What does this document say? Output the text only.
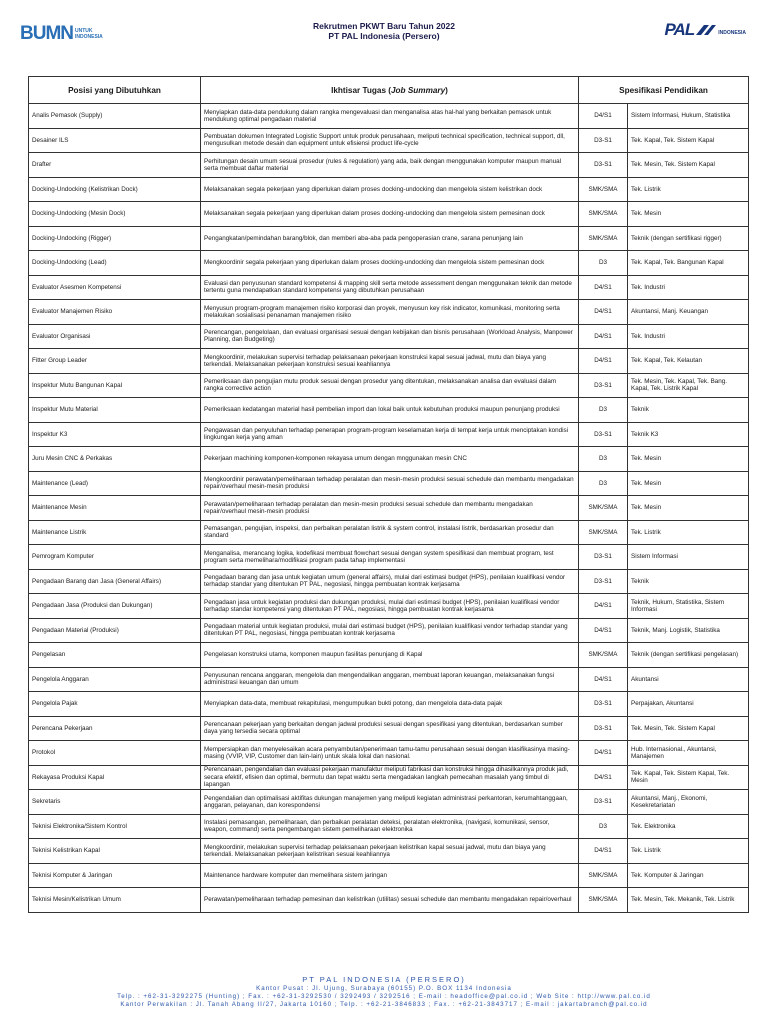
BUMN UNTUK
INDONESIA
Rekrutmen PKWT Baru Tahun 2022
PT PAL Indonesia (Persero)	PAL	INDONESIA
Posisi yang Dibutuhkan	Ikhtisar Tugas (Job Summary)	Spesifikasi Pendidikan	
Analis Pemasok (Supply)	Menyiapkan data-data pendukung dalam rangka mengevaluasi dan menganalisa atas hal-hal yang berkaitan pemasok untuk mendukung optimal pengadaan material	D4/S1	Sistem Informasi, Hukum, Statistika
Desainer ILS	Pembuatan dokumen Integrated Logistic Support untuk produk perusahaan, meliputi technical specification, technical support, dll, mengusulkan metode desain dan equipment untuk efisiensi product life-cycle	D3-S1	Tek. Kapal, Tek. Sistem Kapal
Drafter	Perhitungan desain umum sesuai prosedur (rules & regulation) yang ada, baik dengan menggunakan komputer maupun manual serta membuat daftar material	D3-S1	Tek. Mesin, Tek. Sistem Kapal
Docking-Undocking (Kelistrikan Dock)	Melaksanakan segala pekerjaan yang diperlukan dalam proses docking-undocking dan mengelola sistem kelistrikan dock	SMK/SMA	Tek. Listrik
Docking-Undocking (Mesin Dock)	Melaksanakan segala pekerjaan yang diperlukan dalam proses docking-undocking dan mengelola sistem pemesinan dock	SMK/SMA	Tek. Mesin
Docking-Undocking (Rigger)	Pengangkatan/pemindahan barang/blok, dan memberi aba-aba pada pengoperasian crane, sarana penunjang lain	SMK/SMA	Teknik (dengan sertifikasi rigger)
Docking-Undocking (Lead)	Mengkoordinir segala pekerjaan yang diperlukan dalam proses docking-undocking dan mengelola sistem pemesinan dock	D3	Tek. Kapal, Tek. Bangunan Kapal
Evaluator Asesmen Kompetensi	Evaluasi dan penyusunan standard kompetensi & mapping skill serta metode assessment dengan menggunakan teknik dan metode tertentu guna mendapatkan standard kompetensi yang dibutuhkan perusahaan	D4/S1	Tek. Industri
Evaluator Manajemen Risiko	Menyusun program-program manajemen risiko korporasi dan proyek, menyusun key risk indicator, komunikasi, monitoring serta melakukan sosialisasi penanaman manajemen risiko	D4/S1	Akuntansi, Manj. Keuangan
Evaluator Organisasi	Perencangan, pengelolaan, dan evaluasi organisasi sesuai dengan kebijakan dan bisnis perusahaan (Workload Analysis, Manpower Planning, dan Budgeting)	D4/S1	Tek. Industri
Fitter Group Leader	Mengkoordinir, melakukan supervisi terhadap pelaksanaan pekerjaan konstruksi kapal sesuai jadwal, mutu dan biaya yang terkendali. Melaksanakan pekerjaan konstruksi sesuai keahliannya	D4/S1	Tek. Kapal, Tek. Kelautan
Inspektur Mutu Bangunan Kapal	Pemeriksaan dan pengujian mutu produk sesuai dengan prosedur yang ditentukan, melaksanakan analisa dan evaluasi dalam rangka corrective action	D3-S1	Tek. Mesin, Tek. Kapal, Tek. Bang. Kapal, Tek. Listrik Kapal
Inspektur Mutu Material	Pemeriksaan kedatangan material hasil pembelian import dan lokal baik untuk kebutuhan produksi maupun penunjang produksi	D3	Teknik
Inspektur K3	Pengawasan dan penyuluhan terhadap penerapan program-program keselamatan kerja di tempat kerja untuk menciptakan kondisi lingkungan kerja yang aman	D3-S1	Teknik K3
Juru Mesin CNC & Perkakas	Pekerjaan machining komponen-komponen rekayasa umum dengan mnggunakan mesin CNC	D3	Tek. Mesin
Maintenance (Lead)	Mengkoordinir perawatan/pemeliharaan terhadap peralatan dan mesin-mesin produksi sesuai schedule dan membantu mengadakan repair/overhaul mesin-mesin produksi	D3	Tek. Mesin
Maintenance Mesin	Perawatan/pemeliharaan terhadap peralatan dan mesin-mesin produksi sesuai schedule dan membantu mengadakan repair/overhaul mesin-mesin produksi	SMK/SMA	Tek. Mesin
Maintenance Listrik	Pemasangan, pengujian, inspeksi, dan perbaikan peralatan listrik & system control, instalasi listrik, berdasarkan prosedur dan standard	SMK/SMA	Tek. Listrik
Pemrogram Komputer	Menganalisa, merancang logika, kodefikasi membuat flowchart sesuai dengan system spesifikasi dan membuat program, test program serta memelihara/modifikasi program pada tahap implementasi	D3-S1	Sistem Informasi
Pengadaan Barang dan Jasa (General Affairs)	Pengadaan barang dan jasa untuk kegiatan umum (general affairs), mulai dari estimasi budget (HPS), penilaian kualifikasi vendor terhadap standar yang ditentukan PT PAL, negosiasi, hingga pembuatan kontrak kerjasama	D3-S1	Teknik
Pengadaan Jasa (Produksi dan Dukungan)	Pengadaan jasa untuk kegiatan produksi dan dukungan produksi, mulai dari estimasi budget (HPS), penilaian kualifikasi vendor terhadap standar kompetensi yang ditentukan PT PAL, negosiasi, hingga pembuatan kontrak kerjasama	D4/S1	Teknik, Hukum, Statistika, Sistem Informasi
Pengadaan Material (Produksi)	Pengadaan material untuk kegiatan produksi, mulai dari estimasi budget (HPS), penilaian kualifikasi vendor terhadap standar yang ditentukan PT PAL, negosiasi, hingga pembuatan kontrak kerjasama	D4/S1	Teknik, Manj. Logistik, Statistika
Pengelasan	Pengelasan konstruksi utama, komponen maupun fasilitas penunjang di Kapal	SMK/SMA	Teknik (dengan sertifikasi pengelasan)
Pengelola Anggaran	Penyusunan rencana anggaran, mengelola dan mengendalikan anggaran, membuat laporan keuangan, melaksanakan fungsi administrasi keuangan dan umum	D4/S1	Akuntansi
Pengelola Pajak	Menyiapkan data-data, membuat rekapitulasi, mengumpulkan bukti potong, dan mengelola data-data pajak	D3-S1	Perpajakan, Akuntansi
Perencana Pekerjaan	Perencanaan pekerjaan yang berkaitan dengan jadwal produksi sesuai dengan spesifikasi yang ditentukan, berdasarkan sumber daya yang tersedia secara optimal	D3-S1	Tek. Mesin, Tek. Sistem Kapal
Protokol	Mempersiapkan dan menyelesaikan acara penyambutan/penerimaan tamu-tamu perusahaan sesuai dengan klasifikasinya masing-masing (VVIP, VIP, Customer dan lain-lain) untuk skala lokal dan nasional.	D4/S1	Hub. Internasional., Akuntansi, Manajemen
Rekayasa Produksi Kapal	Perencanaan, pengendalian dan evaluasi pekerjaan manufaktur meliputi fabrikasi dan konstruksi hingga dihasilkannya produk jadi, secara efektif, efisien dan optimal, bermutu dan tepat waktu serta mengadakan langkah pemecahan masalah yang timbul di lapangan	D4/S1	Tek. Kapal, Tek. Sistem Kapal, Tek. Mesin
Sekretaris	Pengendalian dan optimalisasi aktifitas dukungan manajemen yang meliputi kegiatan administrasi perkantoran, kerumahtanggaan, anggaran, pelayanan, dan korespondensi	D3-S1	Akuntansi, Manj., Ekonomi, Kesekretariatan
Teknisi Elektronika/Sistem Kontrol	Instalasi pemasangan, pemeliharaan, dan perbaikan peralatan deteksi, peralatan elektronika, (navigasi, komunikasi, sensor, weapon, command) serta pengembangan sistem pemeliharaan elektronika	D3	Tek. Elektronika
Teknisi Kelistrikan Kapal	Mengkoordinir, melakukan supervisi terhadap pelaksanaan pekerjaan kelistrikan kapal sesuai jadwal, mutu dan biaya yang terkendali. Melaksanakan pekerjaan kelistrikan sesuai keahliannya	D4/S1	Tek. Listrik
Teknisi Komputer & Jaringan	Maintenance hardware komputer dan memelihara sistem jaringan	SMK/SMA	Tek. Komputer & Jaringan
Teknisi Mesin/Kelistrikan Umum	Perawatan/pemeliharaan terhadap pemesinan dan kelistrikan (utilitas) sesuai schedule dan membantu mengadakan repair/overhaul	SMK/SMA	Tek. Mesin, Tek. Mekanik, Tek. Listrik
PT PAL INDONESIA (PERSERO)
Kantor Pusat : Jl. Ujung, Surabaya (60155) P.O. BOX 1134 Indonesia
Telp. : +62-31-3292275 (Hunting) ; Fax. : +62-31-3292530 / 3292493 / 3292516 ; E-mail : headoffice@pal.co.id ; Web Site : http://www.pal.co.id
Kantor Perwakilan : Jl. Tanah Abang II/27, Jakarta 10160 ; Telp. : +62-21-3846833 ; Fax. : +62-21-3843717 ; E-mail : jakartabranch@pal.co.id
